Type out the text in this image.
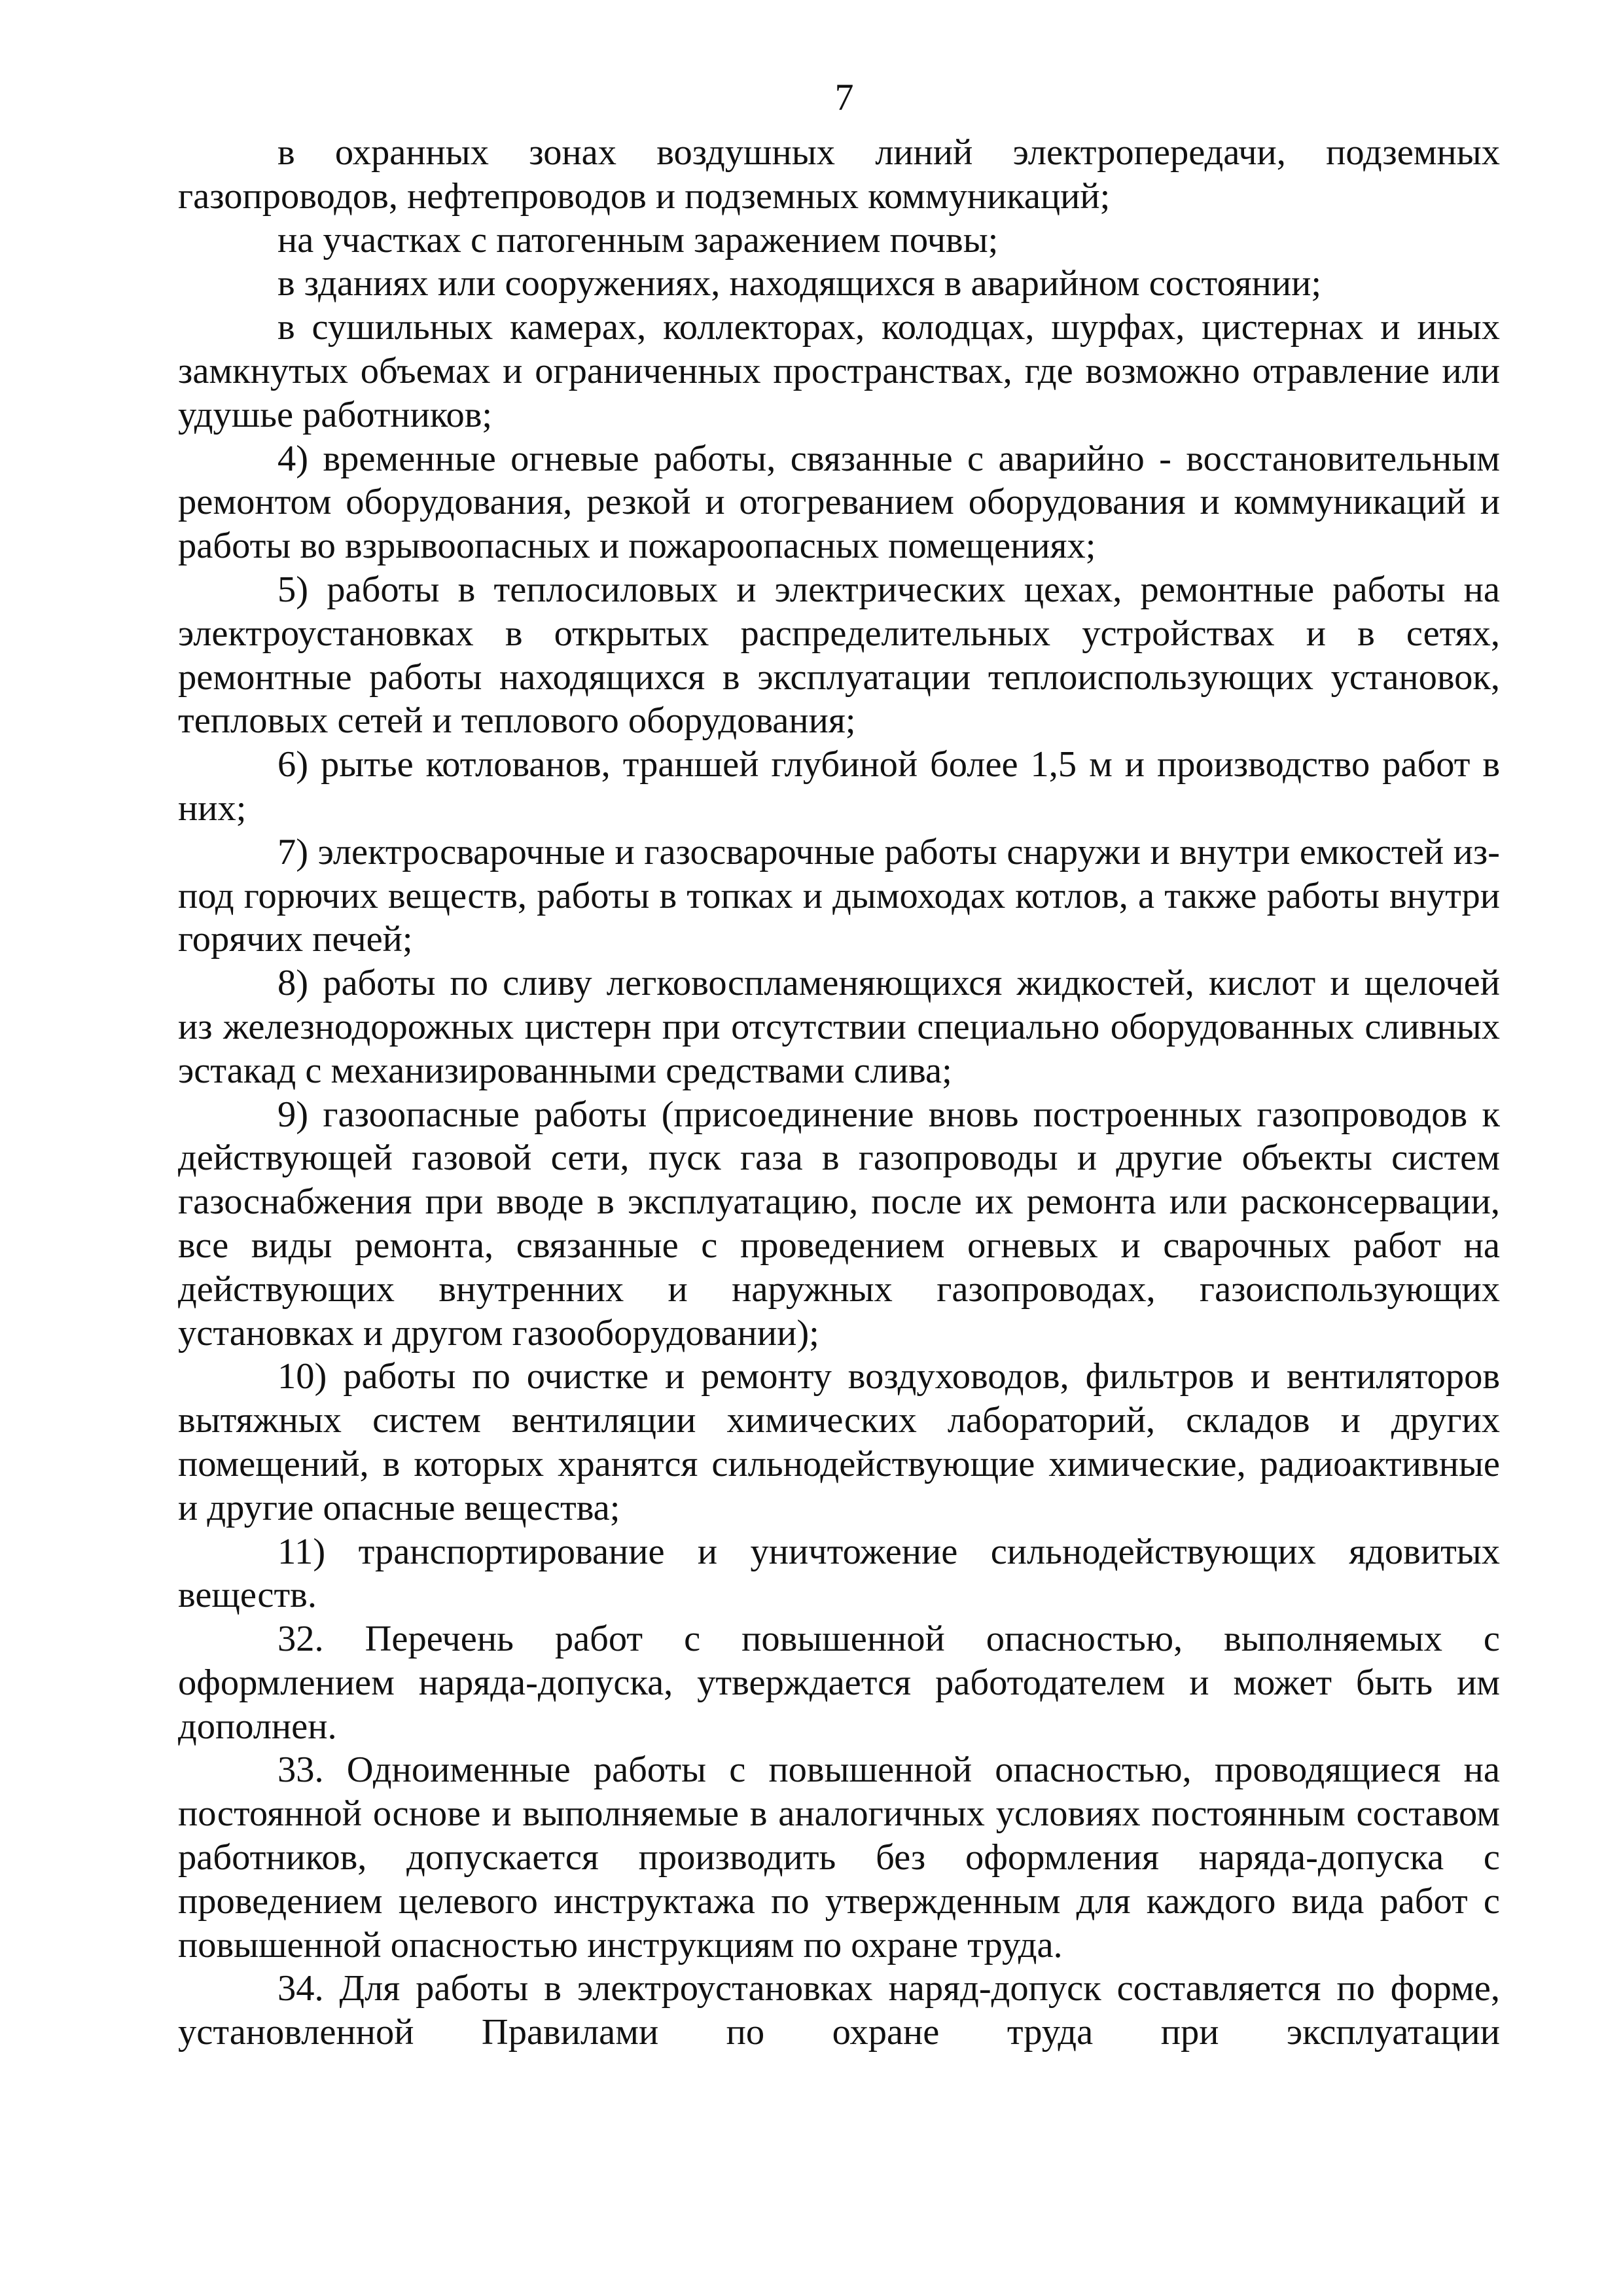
7

в охранных зонах воздушных линий электропередачи, подземных газопроводов, нефтепроводов и подземных коммуникаций;

на участках с патогенным заражением почвы;

в зданиях или сооружениях, находящихся в аварийном состоянии;

в сушильных камерах, коллекторах, колодцах, шурфах, цистернах и иных замкнутых объемах и ограниченных пространствах, где возможно отравление или удушье работников;

4) временные огневые работы, связанные с аварийно - восстановительным ремонтом оборудования, резкой и отогреванием оборудования и коммуникаций и работы во взрывоопасных и пожароопасных помещениях;

5) работы в теплосиловых и электрических цехах, ремонтные работы на электроустановках в открытых распределительных устройствах и в сетях, ремонтные работы находящихся в эксплуатации теплоиспользующих установок, тепловых сетей и теплового оборудования;

6) рытье котлованов, траншей глубиной более 1,5 м и производство работ в них;

7) электросварочные и газосварочные работы снаружи и внутри емкостей из-под горючих веществ, работы в топках и дымоходах котлов, а также работы внутри горячих печей;

8) работы по сливу легковоспламеняющихся жидкостей, кислот и щелочей из железнодорожных цистерн при отсутствии специально оборудованных сливных эстакад с механизированными средствами слива;

9) газоопасные работы (присоединение вновь построенных газопроводов к действующей газовой сети, пуск газа в газопроводы и другие объекты систем газоснабжения при вводе в эксплуатацию, после их ремонта или расконсервации, все виды ремонта, связанные с проведением огневых и сварочных работ на действующих внутренних и наружных газопроводах, газоиспользующих установках и другом газооборудовании);

10) работы по очистке и ремонту воздуховодов, фильтров и вентиляторов вытяжных систем вентиляции химических лабораторий, складов и других помещений, в которых хранятся сильнодействующие химические, радиоактивные и другие опасные вещества;

11) транспортирование и уничтожение сильнодействующих ядовитых веществ.

32. Перечень работ с повышенной опасностью, выполняемых с оформлением наряда-допуска, утверждается работодателем и может быть им дополнен.

33. Одноименные работы с повышенной опасностью, проводящиеся на постоянной основе и выполняемые в аналогичных условиях постоянным составом работников, допускается производить без оформления наряда-допуска с проведением целевого инструктажа по утвержденным для каждого вида работ с повышенной опасностью инструкциям по охране труда.

34. Для работы в электроустановках наряд-допуск составляется по форме, установленной Правилами по охране труда при эксплуатации
